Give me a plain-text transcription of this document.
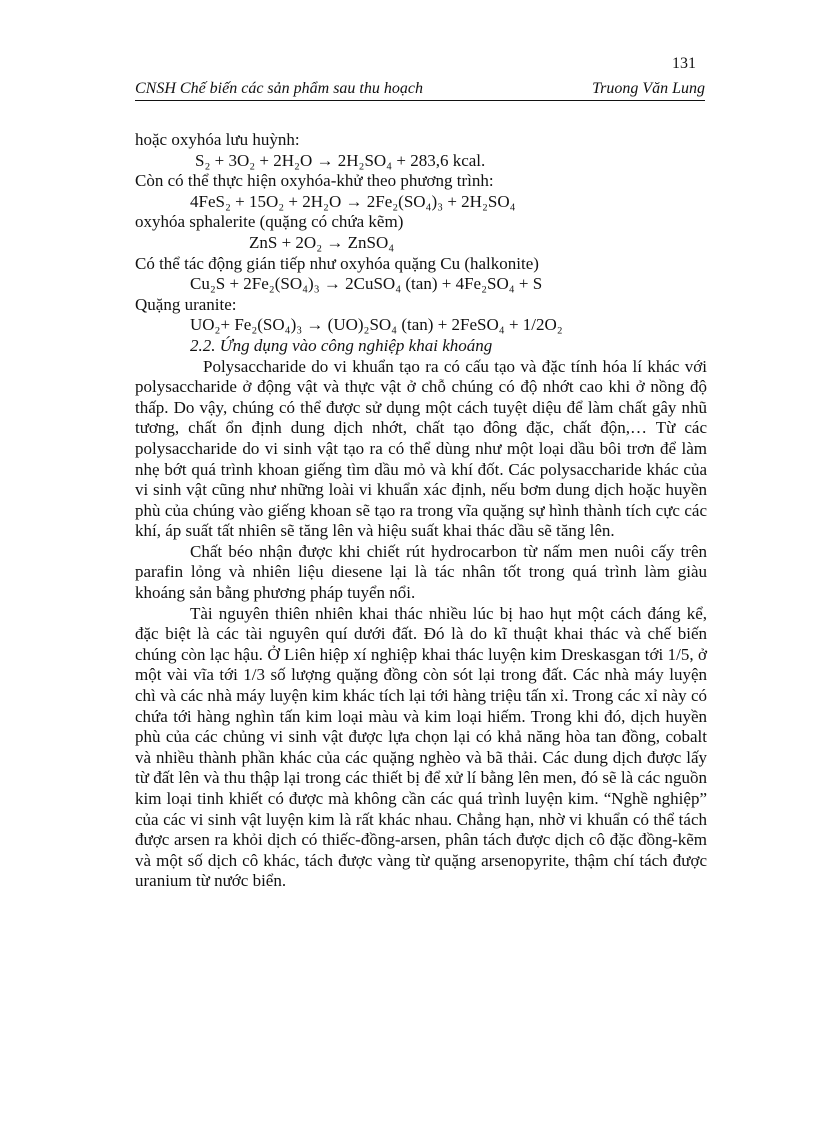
131
CNSH Chế biến các sản phẩm sau thu hoạch	Truong Văn Lung
hoặc oxyhóa lưu huỳnh:
S₂ + 3O₂ + 2H₂O → 2H₂SO₄ + 283,6 kcal.
Còn có thể thực hiện oxyhóa-khử theo phương trình:
4FeS₂ + 15O₂ + 2H₂O → 2Fe₂(SO₄)₃ + 2H₂SO₄
oxyhóa sphalerite (quặng có chứa kẽm)
ZnS + 2O₂ → ZnSO₄
Có thể tác động gián tiếp như oxyhóa quặng Cu (halkonite)
Cu₂S + 2Fe₂(SO₄)₃ → 2CuSO₄ (tan) + 4Fe₂SO₄ + S
Quặng uranite:
UO₂+ Fe₂(SO₄)₃ → (UO)₂SO₄ (tan) + 2FeSO₄ + 1/2O₂
2.2. Ứng dụng vào công nghiệp khai khoáng

Polysaccharide do vi khuẩn tạo ra có cấu tạo và đặc tính hóa lí khác với polysaccharide ở động vật và thực vật ở chỗ chúng có độ nhớt cao khi ở nồng độ thấp. Do vậy, chúng có thể được sử dụng một cách tuyệt diệu để làm chất gây nhũ tương, chất ổn định dung dịch nhớt, chất tạo đông đặc, chất độn,… Từ các polysaccharide do vi sinh vật tạo ra có thể dùng như một loại dầu bôi trơn để làm nhẹ bớt quá trình khoan giếng tìm dầu mỏ và khí đốt. Các polysaccharide khác của vi sinh vật cũng như những loài vi khuẩn xác định, nếu bơm dung dịch hoặc huyền phù của chúng vào giếng khoan sẽ tạo ra trong vĩa quặng sự hình thành tích cực các khí, áp suất tất nhiên sẽ tăng lên và hiệu suất khai thác dầu sẽ tăng lên.

Chất béo nhận được khi chiết rút hydrocarbon từ nấm men nuôi cấy trên parafin lỏng và nhiên liệu diesene lại là tác nhân tốt trong quá trình làm giàu khoáng sản bằng phương pháp tuyển nổi.

Tài nguyên thiên nhiên khai thác nhiều lúc bị hao hụt một cách đáng kể, đặc biệt là các tài nguyên quí dưới đất. Đó là do kĩ thuật khai thác và chế biến chúng còn lạc hậu. Ở Liên hiệp xí nghiệp khai thác luyện kim Dreskasgan tới 1/5, ở một vài vĩa tới 1/3 số lượng quặng đồng còn sót lại trong đất. Các nhà máy luyện chì và các nhà máy luyện kim khác tích lại tới hàng triệu tấn xỉ. Trong các xỉ này có chứa tới hàng nghìn tấn kim loại màu và kim loại hiếm. Trong khi đó, dịch huyền phù của các chủng vi sinh vật được lựa chọn lại có khả năng hòa tan đồng, cobalt và nhiều thành phần khác của các quặng nghèo và bã thải. Các dung dịch được lấy từ đất lên và thu thập lại trong các thiết bị để xử lí bằng lên men, đó sẽ là các nguồn kim loại tinh khiết có được mà không cần các quá trình luyện kim. “Nghề nghiệp” của các vi sinh vật luyện kim là rất khác nhau. Chẳng hạn, nhờ vi khuẩn có thể tách được arsen ra khỏi dịch có thiếc-đồng-arsen, phân tách được dịch cô đặc đồng-kẽm và một số dịch cô khác, tách được vàng từ quặng arsenopyrite, thậm chí tách được uranium từ nước biển.
